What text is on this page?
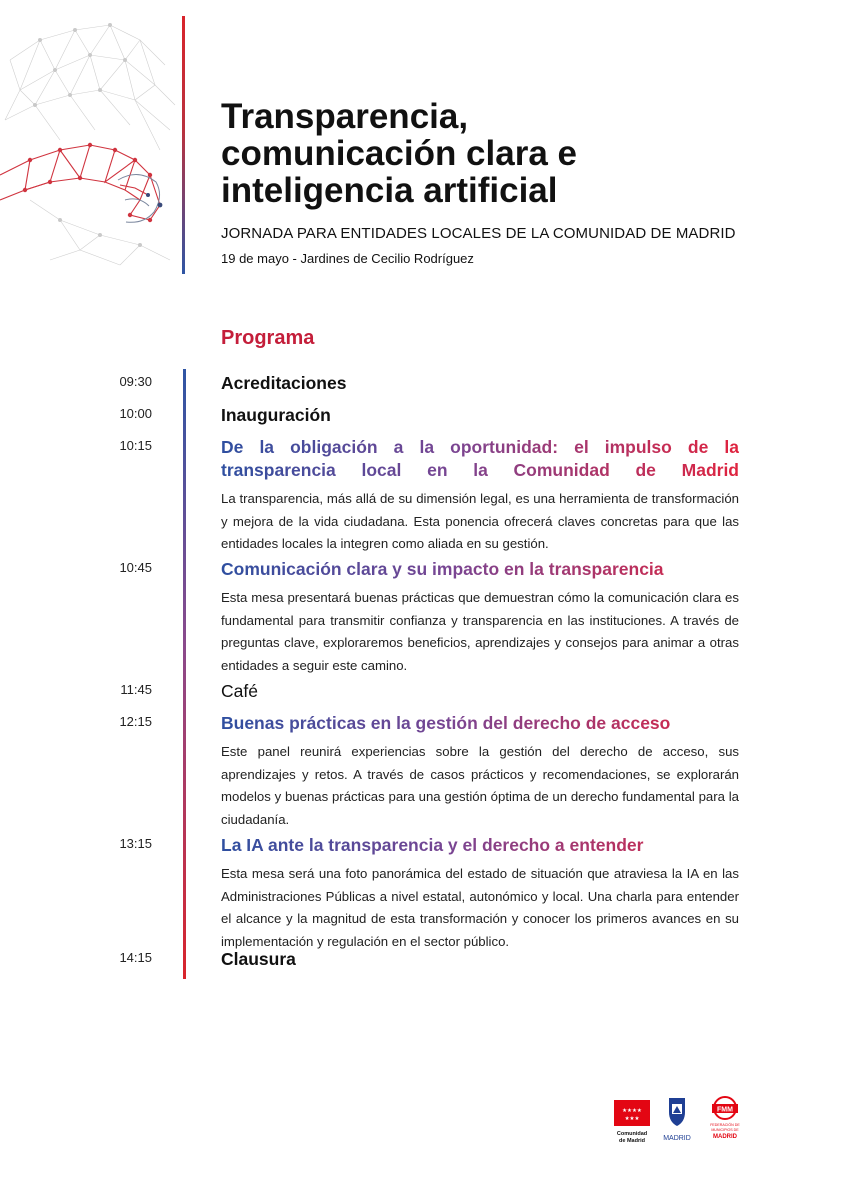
Transparencia,
comunicación clara e
inteligencia artificial

JORNADA PARA ENTIDADES LOCALES DE LA COMUNIDAD DE MADRID

19 de mayo - Jardines de Cecilio Rodríguez

Programa
09:30	Acreditaciones

10:00	Inauguración

10:15	De la obligación a la oportunidad: el impulso de la transparencia local en la Comunidad de Madrid

La transparencia, más allá de su dimensión legal, es una herramienta de transformación y mejora de la vida ciudadana. Esta ponencia ofrecerá claves concretas para que las entidades locales la integren como aliada en su gestión.

10:45	Comunicación clara y su impacto en la transparencia

Esta mesa presentará buenas prácticas que demuestran cómo la comunicación clara es fundamental para transmitir confianza y transparencia en las instituciones. A través de preguntas clave, exploraremos beneficios, aprendizajes y consejos para animar a otras entidades a seguir este camino.

11:45	Café

12:15	Buenas prácticas en la gestión del derecho de acceso

Este panel reunirá experiencias sobre la gestión del derecho de acceso, sus aprendizajes y retos. A través de casos prácticos y recomendaciones, se explorarán modelos y buenas prácticas para una gestión óptima de un derecho fundamental para la ciudadanía.

13:15	La IA ante la transparencia y el derecho a entender

Esta mesa será una foto panorámica del estado de situación que atraviesa la IA en las Administraciones Públicas a nivel estatal, autonómico y local. Una charla para entender el alcance y la magnitud de esta transformación y conocer los primeros avances en su implementación y regulación en el sector público.

14:15	Clausura

★★★★
★★★
Comunidad
de Madrid	MADRID
FMM
FEDERACIÓN DE
MUNICIPIOS DE
MADRID
